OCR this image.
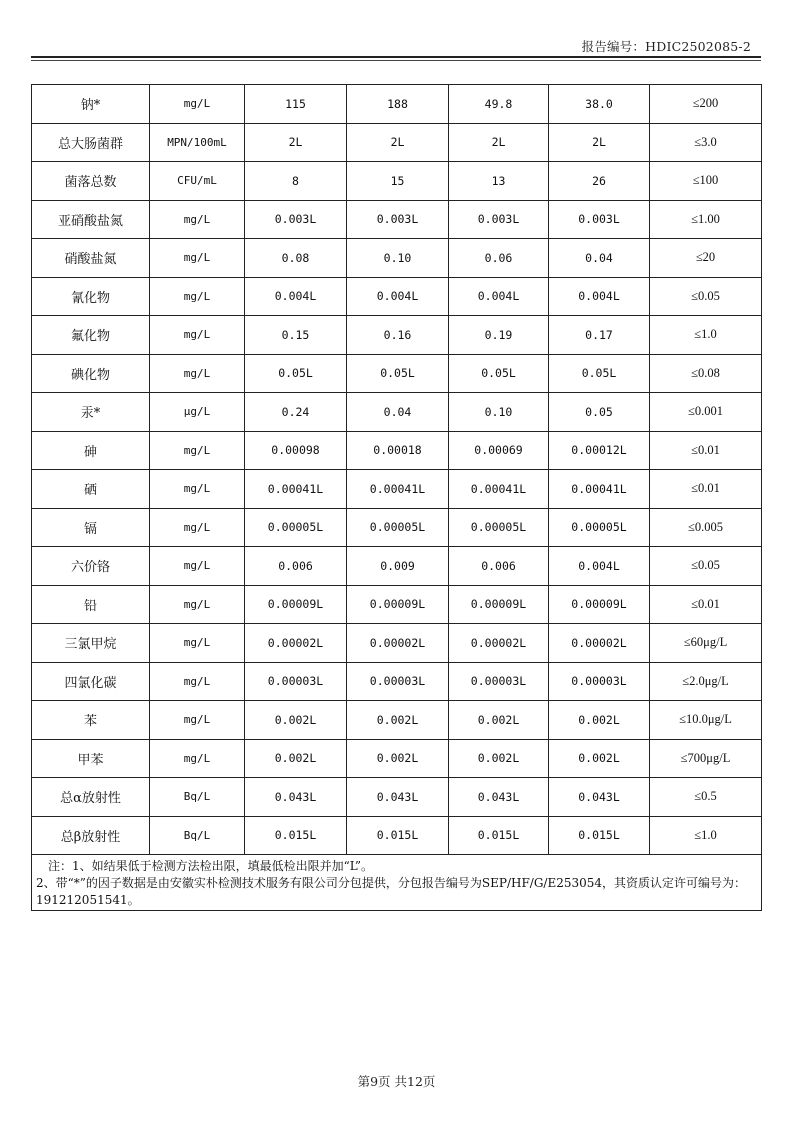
报告编号：HDIC2502085-2
钠*	mg/L	115	188	49.8	38.0	≤200
总大肠菌群	MPN/100mL	2L	2L	2L	2L	≤3.0
菌落总数	CFU/mL	8	15	13	26	≤100
亚硝酸盐氮	mg/L	0.003L	0.003L	0.003L	0.003L	≤1.00
硝酸盐氮	mg/L	0.08	0.10	0.06	0.04	≤20
氰化物	mg/L	0.004L	0.004L	0.004L	0.004L	≤0.05
氟化物	mg/L	0.15	0.16	0.19	0.17	≤1.0
碘化物	mg/L	0.05L	0.05L	0.05L	0.05L	≤0.08
汞*	μg/L	0.24	0.04	0.10	0.05	≤0.001
砷	mg/L	0.00098	0.00018	0.00069	0.00012L	≤0.01
硒	mg/L	0.00041L	0.00041L	0.00041L	0.00041L	≤0.01
镉	mg/L	0.00005L	0.00005L	0.00005L	0.00005L	≤0.005
六价铬	mg/L	0.006	0.009	0.006	0.004L	≤0.05
铅	mg/L	0.00009L	0.00009L	0.00009L	0.00009L	≤0.01
三氯甲烷	mg/L	0.00002L	0.00002L	0.00002L	0.00002L	≤60μg/L
四氯化碳	mg/L	0.00003L	0.00003L	0.00003L	0.00003L	≤2.0μg/L
苯	mg/L	0.002L	0.002L	0.002L	0.002L	≤10.0μg/L
甲苯	mg/L	0.002L	0.002L	0.002L	0.002L	≤700μg/L
总α放射性	Bq/L	0.043L	0.043L	0.043L	0.043L	≤0.5
总β放射性	Bq/L	0.015L	0.015L	0.015L	0.015L	≤1.0

注：1、如结果低于检测方法检出限，填最低检出限并加“L”。
2、带“*”的因子数据是由安徽实朴检测技术服务有限公司分包提供，分包报告编号为SEP/HF/G/E253054，其资质认定许可编号为：191212051541。						
第9页 共12页
